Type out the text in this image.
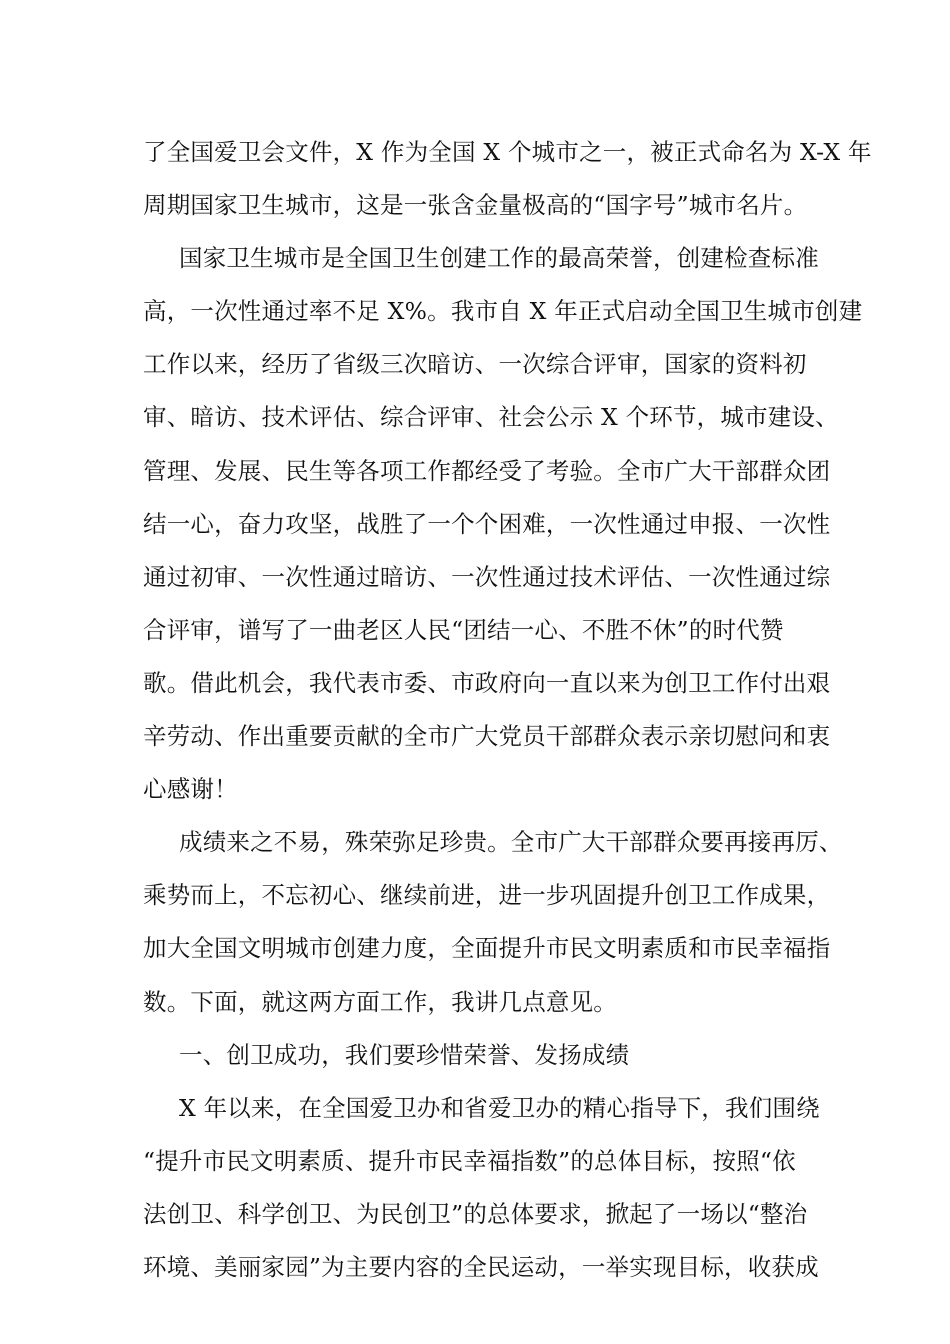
了全国爱卫会文件，X 作为全国 X 个城市之一，被正式命名为 X-X 年
周期国家卫生城市，这是一张含金量极高的“国字号”城市名片。
国家卫生城市是全国卫生创建工作的最高荣誉，创建检查标准
高，一次性通过率不足 X%。我市自 X 年正式启动全国卫生城市创建
工作以来，经历了省级三次暗访、一次综合评审，国家的资料初
审、暗访、技术评估、综合评审、社会公示 X 个环节，城市建设、
管理、发展、民生等各项工作都经受了考验。全市广大干部群众团
结一心，奋力攻坚，战胜了一个个困难，一次性通过申报、一次性
通过初审、一次性通过暗访、一次性通过技术评估、一次性通过综
合评审，谱写了一曲老区人民“团结一心、不胜不休”的时代赞
歌。借此机会，我代表市委、市政府向一直以来为创卫工作付出艰
辛劳动、作出重要贡献的全市广大党员干部群众表示亲切慰问和衷
心感谢！
成绩来之不易，殊荣弥足珍贵。全市广大干部群众要再接再厉、
乘势而上，不忘初心、继续前进，进一步巩固提升创卫工作成果，
加大全国文明城市创建力度，全面提升市民文明素质和市民幸福指
数。下面，就这两方面工作，我讲几点意见。
一、创卫成功，我们要珍惜荣誉、发扬成绩
X 年以来，在全国爱卫办和省爱卫办的精心指导下，我们围绕
“提升市民文明素质、提升市民幸福指数”的总体目标，按照“依
法创卫、科学创卫、为民创卫”的总体要求，掀起了一场以“整治
环境、美丽家园”为主要内容的全民运动，一举实现目标，收获成
